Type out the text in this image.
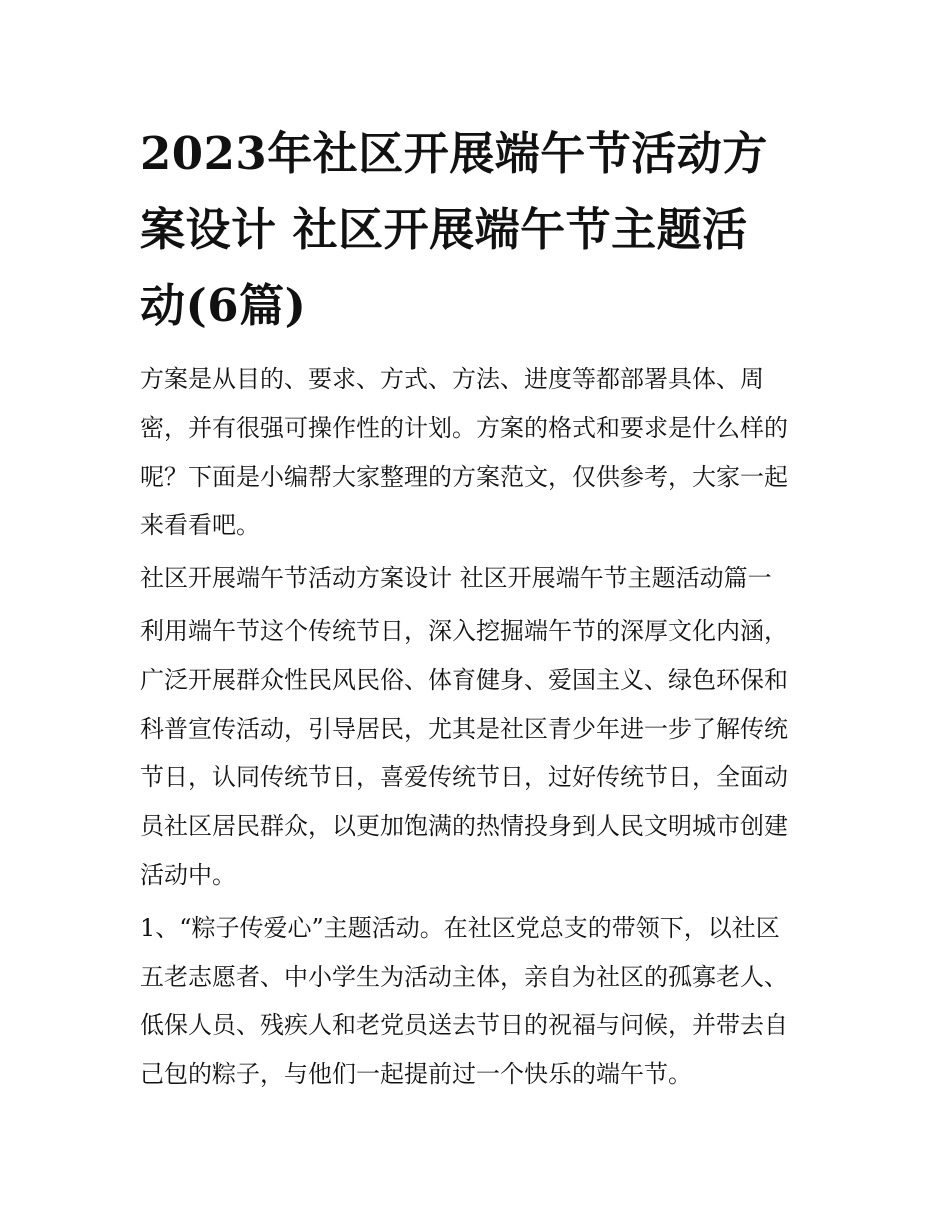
2023年社区开展端午节活动方
案设计 社区开展端午节主题活
动(6篇)

方案是从目的、要求、方式、方法、进度等都部署具体、周
密，并有很强可操作性的计划。方案的格式和要求是什么样的
呢？下面是小编帮大家整理的方案范文，仅供参考，大家一起
来看看吧。

社区开展端午节活动方案设计 社区开展端午节主题活动篇一

利用端午节这个传统节日，深入挖掘端午节的深厚文化内涵，
广泛开展群众性民风民俗、体育健身、爱国主义、绿色环保和
科普宣传活动，引导居民，尤其是社区青少年进一步了解传统
节日，认同传统节日，喜爱传统节日，过好传统节日，全面动
员社区居民群众，以更加饱满的热情投身到人民文明城市创建
活动中。

1、“粽子传爱心”主题活动。在社区党总支的带领下，以社区
五老志愿者、中小学生为活动主体，亲自为社区的孤寡老人、
低保人员、残疾人和老党员送去节日的祝福与问候，并带去自
己包的粽子，与他们一起提前过一个快乐的端午节。
